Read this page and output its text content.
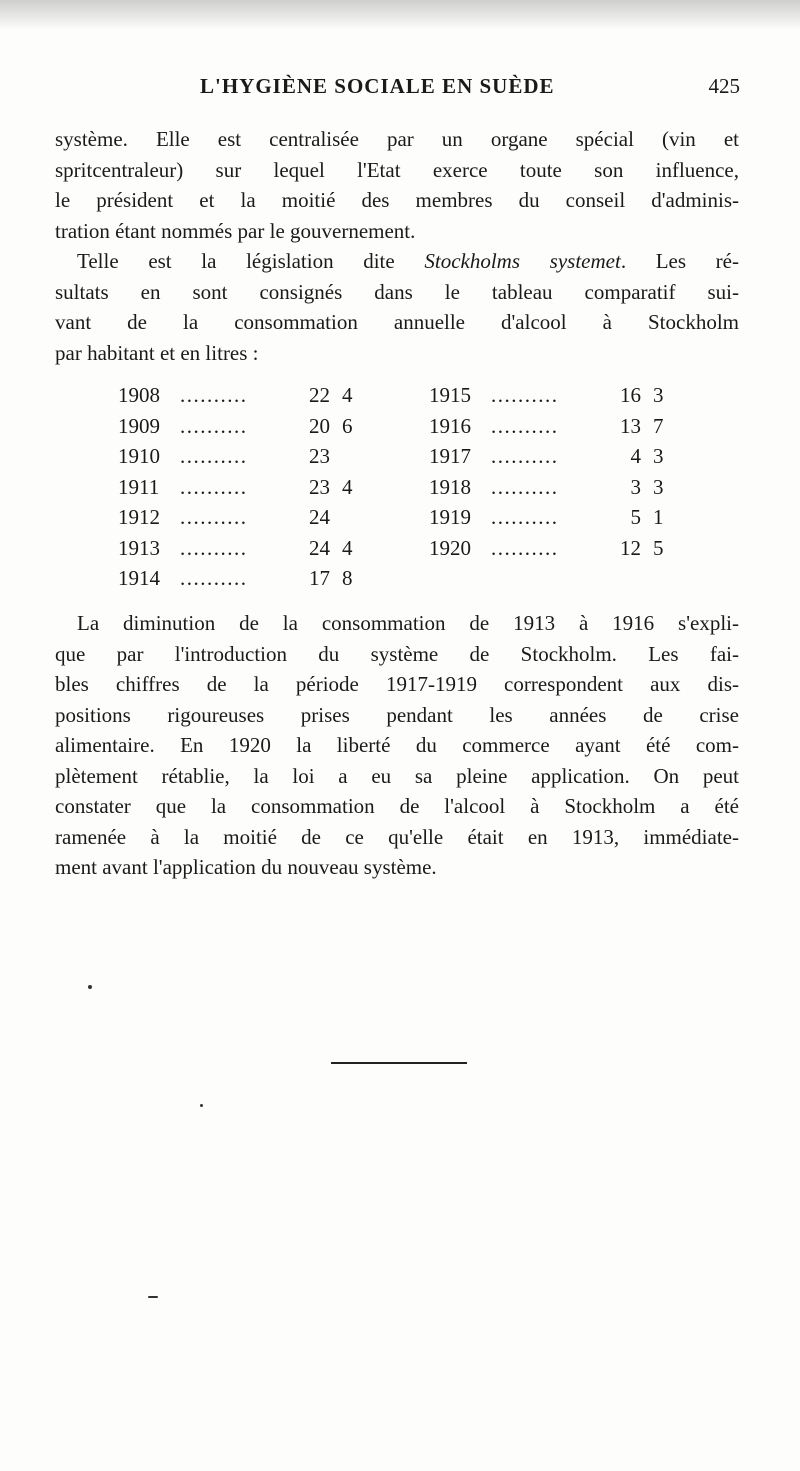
L'HYGIÈNE SOCIALE EN SUÈDE	425
système. Elle est centralisée par un organe spécial (vin et
spritcentraleur) sur lequel l'Etat exerce toute son influence,
le président et la moitié des membres du conseil d'adminis-
tration étant nommés par le gouvernement.
Telle est la législation dite Stockholms systemet. Les ré-
sultats en sont consignés dans le tableau comparatif sui-
vant de la consommation annuelle d'alcool à Stockholm
par habitant et en litres :
1908 ..........	22 4
1909 ..........	20 6
1910 ..........	23
1911 ..........	23 4
1912 ..........	24
1913 ..........	24 4
1914 ..........	17 8
1915 ..........	16 3
1916 ..........	13 7
1917 ..........	4 3
1918 ..........	3 3
1919 ..........	5 1
1920 ..........	12 5
La diminution de la consommation de 1913 à 1916 s'expli-
que par l'introduction du système de Stockholm. Les fai-
bles chiffres de la période 1917-1919 correspondent aux dis-
positions rigoureuses prises pendant les années de crise
alimentaire. En 1920 la liberté du commerce ayant été com-
plètement rétablie, la loi a eu sa pleine application. On peut
constater que la consommation de l'alcool à Stockholm a été
ramenée à la moitié de ce qu'elle était en 1913, immédiate-
ment avant l'application du nouveau système.
